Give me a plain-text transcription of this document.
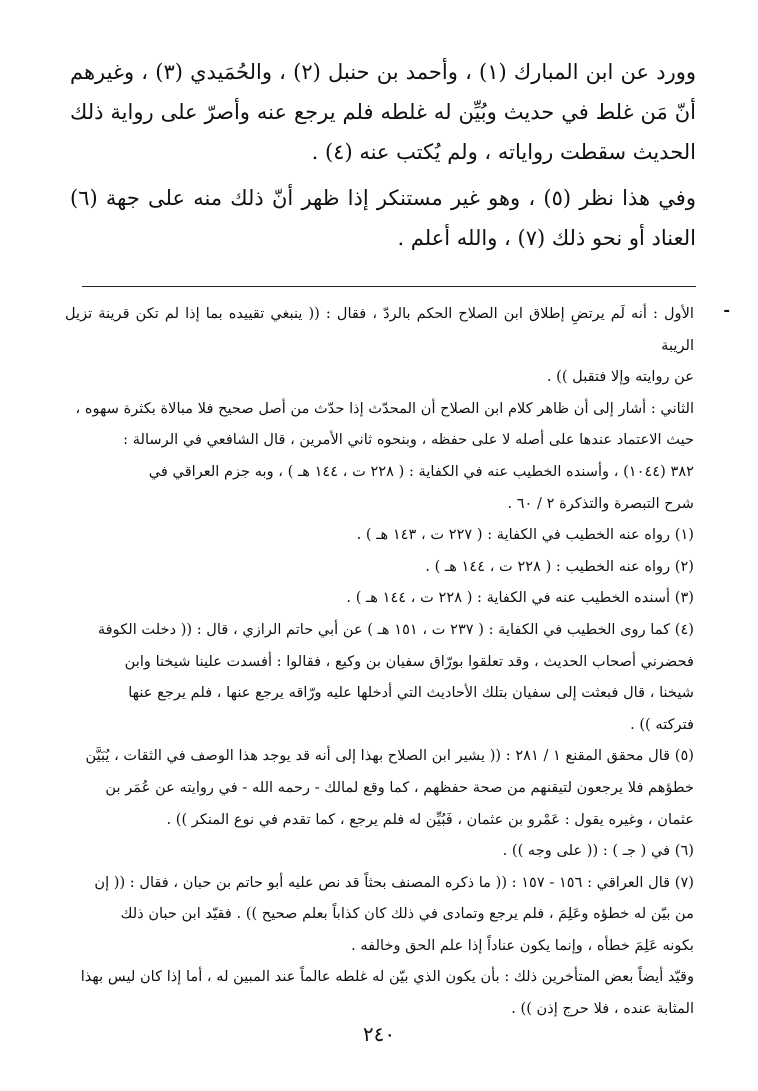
وورد عن ابن المبارك (١) ، وأحمد بن حنبل (٢) ، والحُمَيدي (٣) ، وغيرهم أنّ مَن غلط في حديث وبُيِّن له غلطه فلم يرجع عنه وأصرّ على رواية ذلك الحديث سقطت رواياته ، ولم يُكتب عنه (٤) .

وفي هذا نظر (٥) ، وهو غير مستنكر إذا ظهر أنّ ذلك منه على جهة (٦) العناد أو نحو ذلك (٧) ، والله أعلم .

-
الأول : أنه لَم يرتضِ إطلاق ابن الصلاح الحكم بالردّ ، فقال : (( ينبغي تقييده بما إذا لم تكن قرينة تزيل الريبة
عن روايته وإلا فتقبل )) .
الثاني : أشار إلى أن ظاهر كلام ابن الصلاح أن المحدّث إذا حدّث من أصل صحيح فلا مبالاة بكثرة سهوه ،
حيث الاعتماد عندها على أصله لا على حفظه ، وبنحوه ثاني الأمرين ، قال الشافعي في الرسالة :
٣٨٢ (١٠٤٤) ، وأسنده الخطيب عنه في الكفاية : ( ٢٢٨ ت ، ١٤٤ هـ ) ، وبه جزم العراقي في
شرح التبصرة والتذكرة ٢ / ٦٠ .
(١) رواه عنه الخطيب في الكفاية : ( ٢٢٧ ت ، ١٤٣ هـ ) .
(٢) رواه عنه الخطيب : ( ٢٢٨ ت ، ١٤٤ هـ ) .
(٣) أسنده الخطيب عنه في الكفاية : ( ٢٢٨ ت ، ١٤٤ هـ ) .
(٤) كما روى الخطيب في الكفاية : ( ٢٣٧ ت ، ١٥١ هـ ) عن أبي حاتم الرازي ، قال : (( دخلت الكوفة
فحضرني أصحاب الحديث ، وقد تعلقوا بورّاق سفيان بن وكيع ، فقالوا : أفسدت علينا شيخنا وابن
شيخنا ، قال فبعثت إلى سفيان بتلك الأحاديث التي أدخلها عليه ورّاقه يرجع عنها ، فلم يرجع عنها
فتركته )) .
(٥) قال محقق المقنع ١ / ٢٨١ : (( يشير ابن الصلاح بهذا إلى أنه قد يوجد هذا الوصف في الثقات ، يُبَيَّن
خطؤهم فلا يرجعون لتيقنهم من صحة حفظهم ، كما وقع لمالك - رحمه الله - في روايته عن عُمَر بن
عثمان ، وغيره يقول : عَمْرو بن عثمان ، فَبُيِّن له فلم يرجع ، كما تقدم في نوع المنكر )) .
(٦) في ( جـ ) : (( على وجه )) .
(٧) قال العراقي : ١٥٦ - ١٥٧ : (( ما ذكره المصنف بحثاً قد نص عليه أبو حاتم بن حبان ، فقال : (( إن
من بيّن له خطؤه وعَلِمَ ، فلم يرجع وتمادى في ذلك كان كذاباً بعلم صحيح )) . فقيّد ابن حبان ذلك
بكونه عَلِمَ خطأه ، وإنما يكون عناداً إذا علم الحق وخالفه .
وقيّد أيضاً بعض المتأخرين ذلك : بأن يكون الذي بيّن له غلطه عالماً عند المبين له ، أما إذا كان ليس بهذا
المثابة عنده ، فلا حرج إذن )) .
٢٤٠
